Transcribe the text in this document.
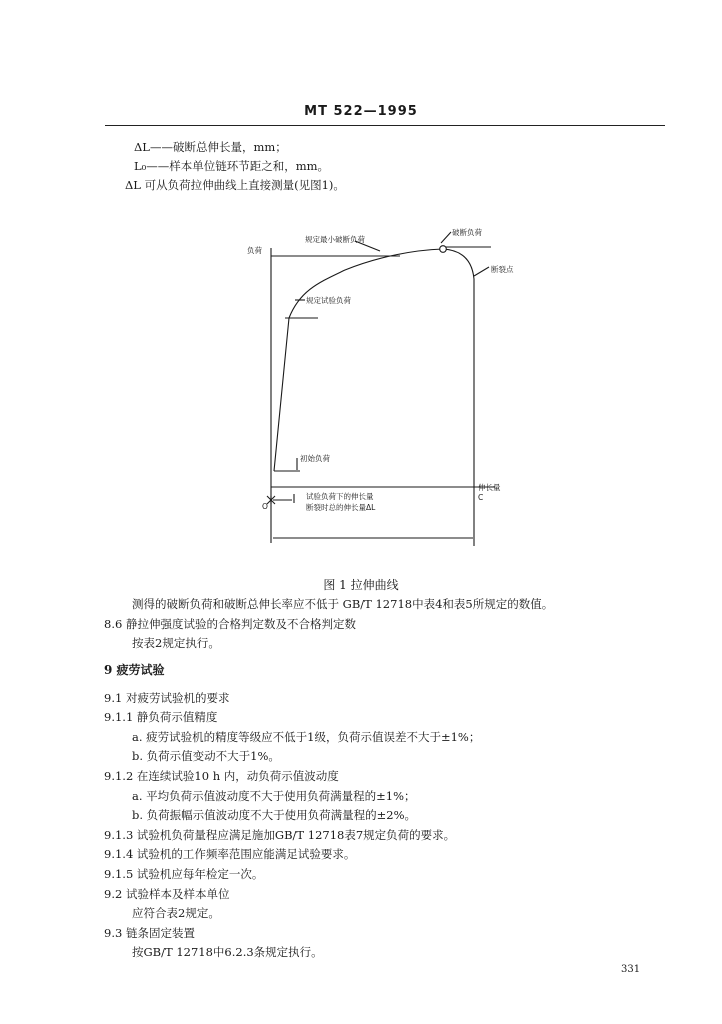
MT 522—1995
ΔL——破断总伸长量，mm；
L₀——样本单位链环节距之和，mm。
ΔL 可从负荷拉伸曲线上直接测量(见图1)。
负荷
规定最小破断负荷
破断负荷
断裂点
规定试验负荷
初始负荷
伸长量
O
C
试验负荷下的伸长量
断裂时总的伸长量ΔL
图 1 拉伸曲线
测得的破断负荷和破断总伸长率应不低于 GB/T 12718中表4和表5所规定的数值。
8.6 静拉伸强度试验的合格判定数及不合格判定数
按表2规定执行。
9 疲劳试验
9.1 对疲劳试验机的要求
9.1.1 静负荷示值精度
a. 疲劳试验机的精度等级应不低于1级，负荷示值误差不大于±1%；
b. 负荷示值变动不大于1%。
9.1.2 在连续试验10 h 内，动负荷示值波动度
a. 平均负荷示值波动度不大于使用负荷满量程的±1%；
b. 负荷振幅示值波动度不大于使用负荷满量程的±2%。
9.1.3 试验机负荷量程应满足施加GB/T 12718表7规定负荷的要求。
9.1.4 试验机的工作频率范围应能满足试验要求。
9.1.5 试验机应每年检定一次。
9.2 试验样本及样本单位
应符合表2规定。
9.3 链条固定装置
按GB/T 12718中6.2.3条规定执行。
331
